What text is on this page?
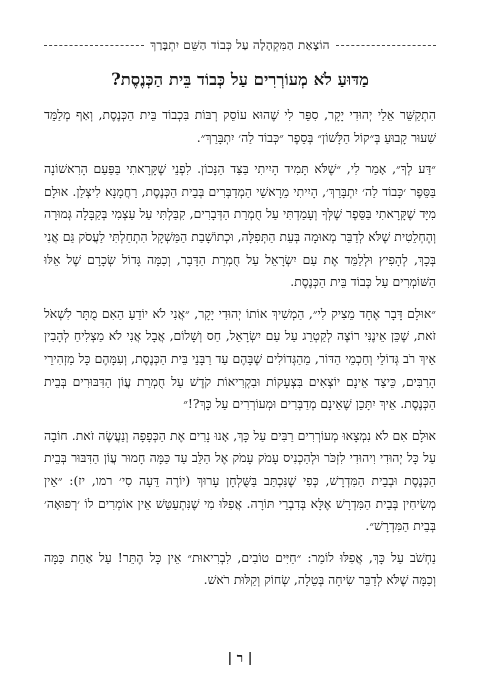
הוֹצָאַת הַמִּקְהָלָה עַל כְּבוֹד הַשֵּׁם יִתְבָּרַךְ
מַדּוּעַ לֹא מְעוֹרְרִים עַל כְּבוֹד בֵּית הַכְּנֶסֶת?

הִתְקַשֵּׁר אֵלַי יְהוּדִי יָקָר, סִפֵּר לִי שֶׁהוּא עוֹסֵק רְבּוֹת בִּכְבוֹד בֵּית הַכְּנֶסֶת, וְאַף מְלַמֵּד שִׁעוּר קָבוּעַ בְּ״קוֹל הַלָּשׁוֹן״ בְּסֵפֶר ״כְּבוֹד לַה׳ יִתְבָּרַךְ״.

״דַּע לְךָ״, אָמַר לִי, ״שֶׁלֹּא תָּמִיד הָיִיתִי בַּצַּד הַנָּכוֹן. לִפְנֵי שֶׁקָּרָאתִי בַּפַּעַם הָרִאשׁוֹנָה בַּסֵּפֶר ׳כָּבוֹד לַה׳ יִתְבָּרַךְ׳, הָיִיתִי מֵרָאשֵׁי הַמְדַבְּרִים בְּבֵית הַכְּנֶסֶת, רַחֲמָנָא לִיצְלַן. אוּלָם מִיָּד שֶׁקָּרָאתִי בַּסֵּפֶר שֶׁלְּךָ וְעָמַדְתִּי עַל חֻמְרַת הַדְּבָרִים, קִבַּלְתִּי עַל עַצְמִי בְּקַבָּלָה גְּמוּרָה וְהֶחְלֵטִית שֶׁלֹּא לְדַבֵּר מְאוּמָה בְּעֵת הַתְּפִלָּה, וּכְתוֹשָׁבַת הַמַּשְׁקָל הִתְחַלְתִּי לַעֲסֹק גַּם אֲנִי בְּכָךְ, לְהָפִיץ וּלְלַמֵּד אֶת עַם יִשְׂרָאֵל עַל חֻמְרַת הַדָּבָר, וְכַמָּה גָּדוֹל שְׂכָרָם שֶׁל אֵלּוּ הַשּׁוֹמְרִים עַל כְּבוֹד בֵּית הַכְּנֶסֶת.

״אוּלָם דָּבָר אֶחָד מֵצִיק לִי״, הַמְשִׁיךְ אוֹתוֹ יְהוּדִי יָקָר, ״אֲנִי לֹא יוֹדֵעַ הַאִם מֻתָּר לִשְׁאֹל זֹאת, שֶׁכֵּן אֵינֶנִּי רוֹצֶה לְקַטְרֵג עַל עַם יִשְׂרָאֵל, חַס וְשָׁלוֹם, אֲבָל אֲנִי לֹא מַצְלִיחַ לְהָבִין אֵיךְ רֹב גְּדוֹלֵי וְחַכְמֵי הַדּוֹר, מֵהַגְּדוֹלִים שֶׁבָּהֶם עַד רַבָּנֵי בֵּית הַכְּנֶסֶת, וְעִמָּהֶם כָּל מַזְהִירֵי הָרַבִּים, כֵּיצַד אֵינָם יוֹצְאִים בִּצְעָקוֹת וּבִקְרִיאוֹת קֹדֶשׁ עַל חֻמְרַת עֲוֹן הַדִּבּוּרִים בְּבֵית הַכְּנֶסֶת. אֵיךְ יִתָּכֵן שֶׁאֵינָם מְדַבְּרִים וּמְעוֹרְרִים עַל כָּךְ?!״

אוּלָם אִם לֹא נִמְצָאוּ מְעוֹרְרִים רַבִּים עַל כָּךְ, אָנוּ נָרִים אֶת הַכְּפָפָה וְנַעֲשֶׂה זֹאת. חוֹבָה עַל כָּל יְהוּדִי וִיהוּדִי לִזְכֹּר וּלְהַכְנִיס עָמֹק עָמֹק אֶל הַלֵּב עַד כַּמָּה חָמוּר עֲוֹן הַדִּבּוּר בְּבֵית הַכְּנֶסֶת וּבְבֵית הַמִּדְרָשׁ, כְּפִי שֶׁנִּכְתַּב בַּשֻּׁלְחָן עָרוּךְ (יוֹרֶה דֵּעָה סִי׳ רמו, יז): ״אֵין מְשִׂיחִין בְּבֵית הַמִּדְרָשׁ אֶלָּא בְּדִבְרֵי תּוֹרָה. אֲפִלּוּ מִי שֶׁנִּתְעַטֵּשׁ אֵין אוֹמְרִים לוֹ ׳רְפוּאָה׳ בְּבֵית הַמִּדְרָשׁ״.

נַחְשֹׁב עַל כָּךְ, אֲפִלּוּ לוֹמַר: ״חַיִּים טוֹבִים, לִבְרִיאוּת״ אֵין כָּל הֶתֵּר! עַל אַחַת כַּמָּה וְכַמָּה שֶׁלֹּא לְדַבֵּר שִׂיחָה בְּטֵלָה, שְׂחוֹק וְקַלּוּת רֹאשׁ.

| ר |
